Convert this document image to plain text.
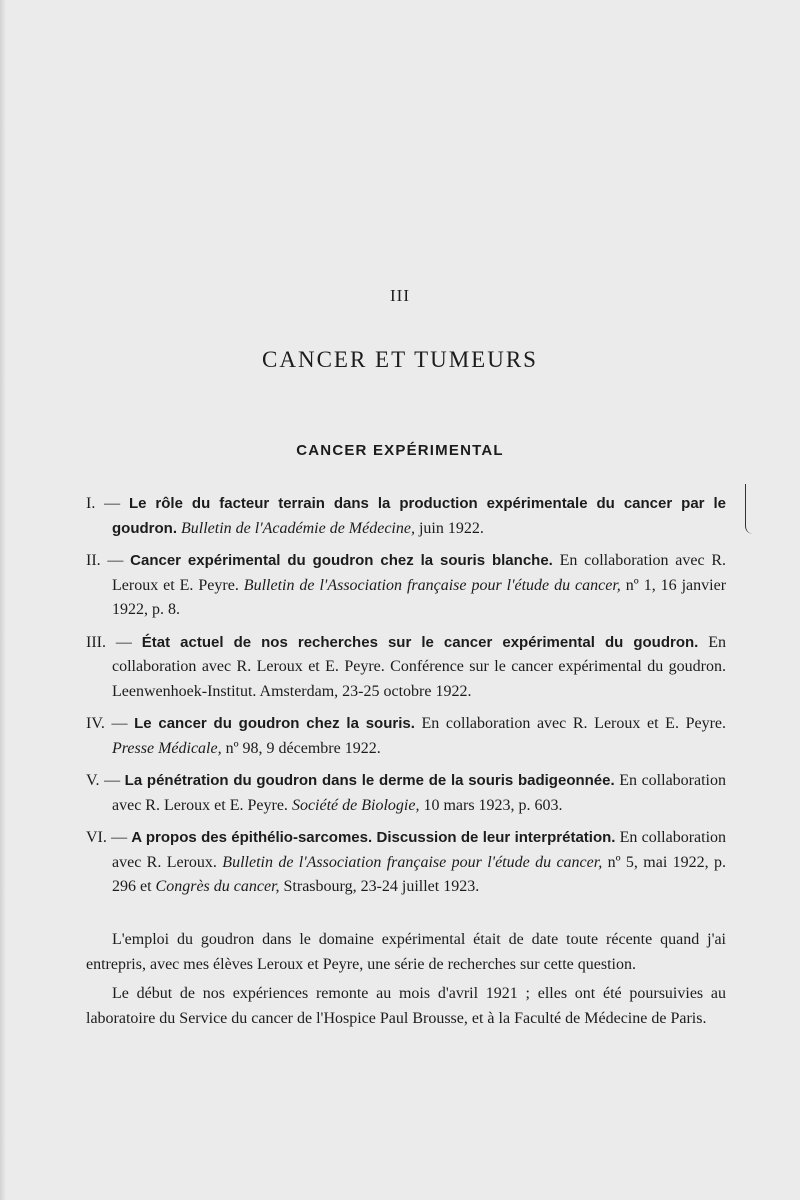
III
CANCER ET TUMEURS
CANCER EXPÉRIMENTAL
I. — Le rôle du facteur terrain dans la production expérimentale du cancer par le goudron. Bulletin de l'Académie de Médecine, juin 1922.
II. — Cancer expérimental du goudron chez la souris blanche. En collaboration avec R. Leroux et E. Peyre. Bulletin de l'Association française pour l'étude du cancer, nº 1, 16 janvier 1922, p. 8.
III. — État actuel de nos recherches sur le cancer expérimental du goudron. En collaboration avec R. Leroux et E. Peyre. Conférence sur le cancer expérimental du goudron. Leenwenhoek-Institut. Amsterdam, 23-25 octobre 1922.
IV. — Le cancer du goudron chez la souris. En collaboration avec R. Leroux et E. Peyre. Presse Médicale, nº 98, 9 décembre 1922.
V. — La pénétration du goudron dans le derme de la souris badigeonnée. En collaboration avec R. Leroux et E. Peyre. Société de Biologie, 10 mars 1923, p. 603.
VI. — A propos des épithélio-sarcomes. Discussion de leur interprétation. En collaboration avec R. Leroux. Bulletin de l'Association française pour l'étude du cancer, nº 5, mai 1922, p. 296 et Congrès du cancer, Strasbourg, 23-24 juillet 1923.

L'emploi du goudron dans le domaine expérimental était de date toute récente quand j'ai entrepris, avec mes élèves Leroux et Peyre, une série de recherches sur cette question.

Le début de nos expériences remonte au mois d'avril 1921 ; elles ont été poursuivies au laboratoire du Service du cancer de l'Hospice Paul Brousse, et à la Faculté de Médecine de Paris.
